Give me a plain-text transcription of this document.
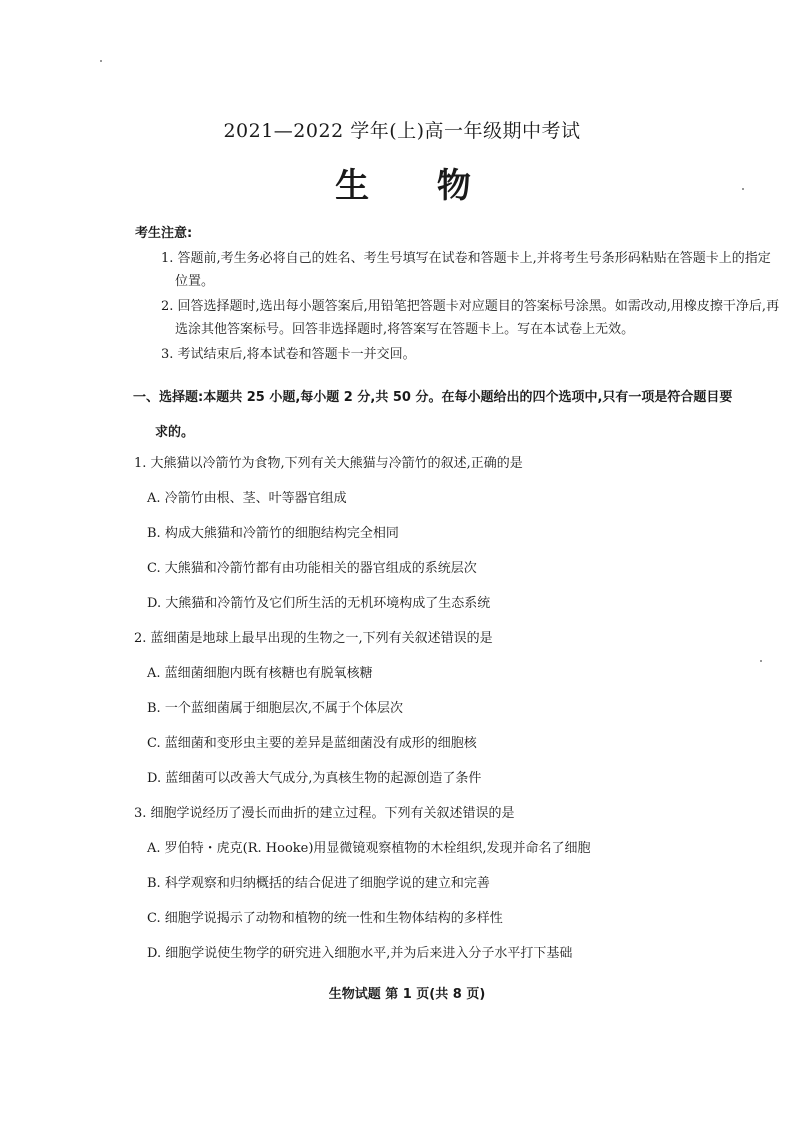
2021—2022 学年(上)高一年级期中考试
生 物
考生注意:
1. 答题前,考生务必将自己的姓名、考生号填写在试卷和答题卡上,并将考生号条形码粘贴在答题卡上的指定位置。
2. 回答选择题时,选出每小题答案后,用铅笔把答题卡对应题目的答案标号涂黑。如需改动,用橡皮擦干净后,再选涂其他答案标号。回答非选择题时,将答案写在答题卡上。写在本试卷上无效。
3. 考试结束后,将本试卷和答题卡一并交回。
一、选择题:本题共 25 小题,每小题 2 分,共 50 分。在每小题给出的四个选项中,只有一项是符合题目要
求的。
1. 大熊猫以冷箭竹为食物,下列有关大熊猫与冷箭竹的叙述,正确的是
A. 冷箭竹由根、茎、叶等器官组成
B. 构成大熊猫和冷箭竹的细胞结构完全相同
C. 大熊猫和冷箭竹都有由功能相关的器官组成的系统层次
D. 大熊猫和冷箭竹及它们所生活的无机环境构成了生态系统
2. 蓝细菌是地球上最早出现的生物之一,下列有关叙述错误的是
A. 蓝细菌细胞内既有核糖也有脱氧核糖
B. 一个蓝细菌属于细胞层次,不属于个体层次
C. 蓝细菌和变形虫主要的差异是蓝细菌没有成形的细胞核
D. 蓝细菌可以改善大气成分,为真核生物的起源创造了条件
3. 细胞学说经历了漫长而曲折的建立过程。下列有关叙述错误的是
A. 罗伯特・虎克(R. Hooke)用显微镜观察植物的木栓组织,发现并命名了细胞
B. 科学观察和归纳概括的结合促进了细胞学说的建立和完善
C. 细胞学说揭示了动物和植物的统一性和生物体结构的多样性
D. 细胞学说使生物学的研究进入细胞水平,并为后来进入分子水平打下基础
生物试题 第 1 页(共 8 页)
